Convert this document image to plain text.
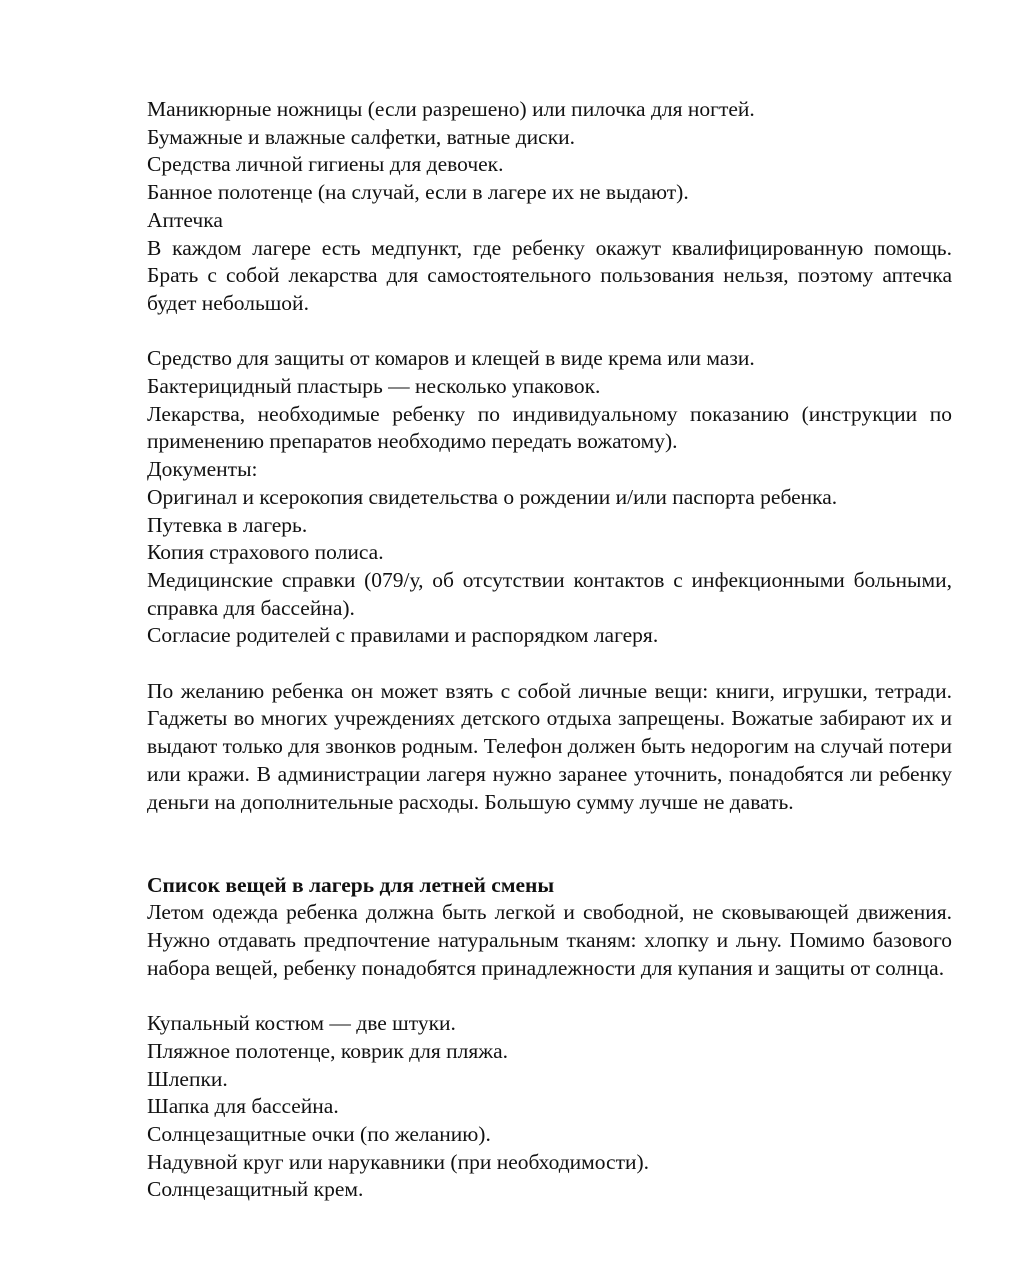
Маникюрные ножницы (если разрешено) или пилочка для ногтей.

Бумажные и влажные салфетки, ватные диски.

Средства личной гигиены для девочек.

Банное полотенце (на случай, если в лагере их не выдают).

Аптечка

В каждом лагере есть медпункт, где ребенку окажут квалифицированную помощь. Брать с собой лекарства для самостоятельного пользования нельзя, поэтому аптечка будет небольшой.

Средство для защиты от комаров и клещей в виде крема или мази.

Бактерицидный пластырь — несколько упаковок.

Лекарства, необходимые ребенку по индивидуальному показанию (инструкции по применению препаратов необходимо передать вожатому).

Документы:

Оригинал и ксерокопия свидетельства о рождении и/или паспорта ребенка.

Путевка в лагерь.

Копия страхового полиса.

Медицинские справки (079/у, об отсутствии контактов с инфекционными больными, справка для бассейна).

Согласие родителей с правилами и распорядком лагеря.

По желанию ребенка он может взять с собой личные вещи: книги, игрушки, тетради. Гаджеты во многих учреждениях детского отдыха запрещены. Вожатые забирают их и выдают только для звонков родным. Телефон должен быть недорогим на случай потери или кражи. В администрации лагеря нужно заранее уточнить, понадобятся ли ребенку деньги на дополнительные расходы. Большую сумму лучше не давать.

Список вещей в лагерь для летней смены

Летом одежда ребенка должна быть легкой и свободной, не сковывающей движения. Нужно отдавать предпочтение натуральным тканям: хлопку и льну. Помимо базового набора вещей, ребенку понадобятся принадлежности для купания и защиты от солнца.

Купальный костюм — две штуки.

Пляжное полотенце, коврик для пляжа.

Шлепки.

Шапка для бассейна.

Солнцезащитные очки (по желанию).

Надувной круг или нарукавники (при необходимости).

Солнцезащитный крем.
